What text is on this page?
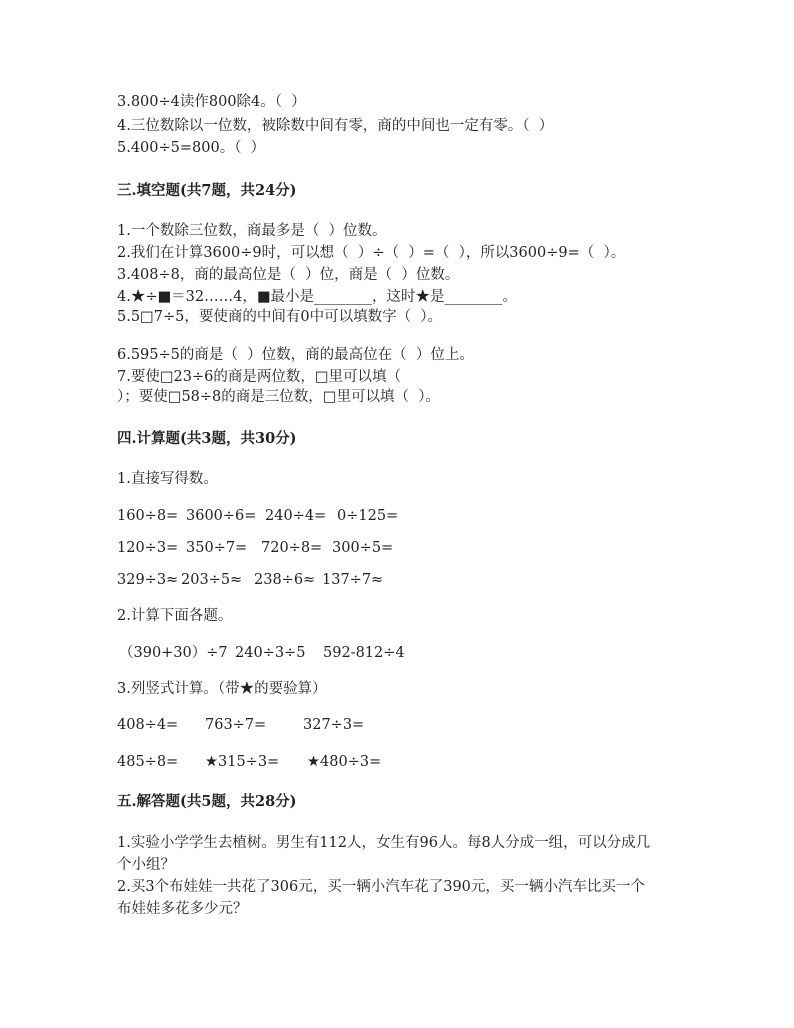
3.800÷4读作800除4。（  ）
4.三位数除以一位数，被除数中间有零，商的中间也一定有零。（  ）
5.400÷5=800。（  ）
三.填空题(共7题，共24分)
1.一个数除三位数，商最多是（  ）位数。
2.我们在计算3600÷9时，可以想（  ）÷（  ）=（  ），所以3600÷9=（  ）。
3.408÷8，商的最高位是（  ）位，商是（  ）位数。
4.★÷■＝32……4，■最小是________，这时★是________。
5.5□7÷5，要使商的中间有0中可以填数字（  ）。
6.595÷5的商是（  ）位数，商的最高位在（  ）位上。
7.要使□23÷6的商是两位数，□里可以填（
）；要使□58÷8的商是三位数，□里可以填（  ）。
四.计算题(共3题，共30分)
1.直接写得数。
160÷8= 3600÷6= 240÷4= 0÷125=
120÷3= 350÷7= 720÷8= 300÷5=
329÷3≈ 203÷5≈ 238÷6≈ 137÷7≈
2.计算下面各题。
（390+30）÷7 240÷3÷5 592-812÷4
3.列竖式计算。（带★的要验算）
408÷4= 763÷7=	327÷3=
485÷8= ★315÷3= ★480÷3=
五.解答题(共5题，共28分)
1.实验小学学生去植树。男生有112人，女生有96人。每8人分成一组，可以分成几
个小组？
2.买3个布娃娃一共花了306元，买一辆小汽车花了390元，买一辆小汽车比买一个
布娃娃多花多少元？
